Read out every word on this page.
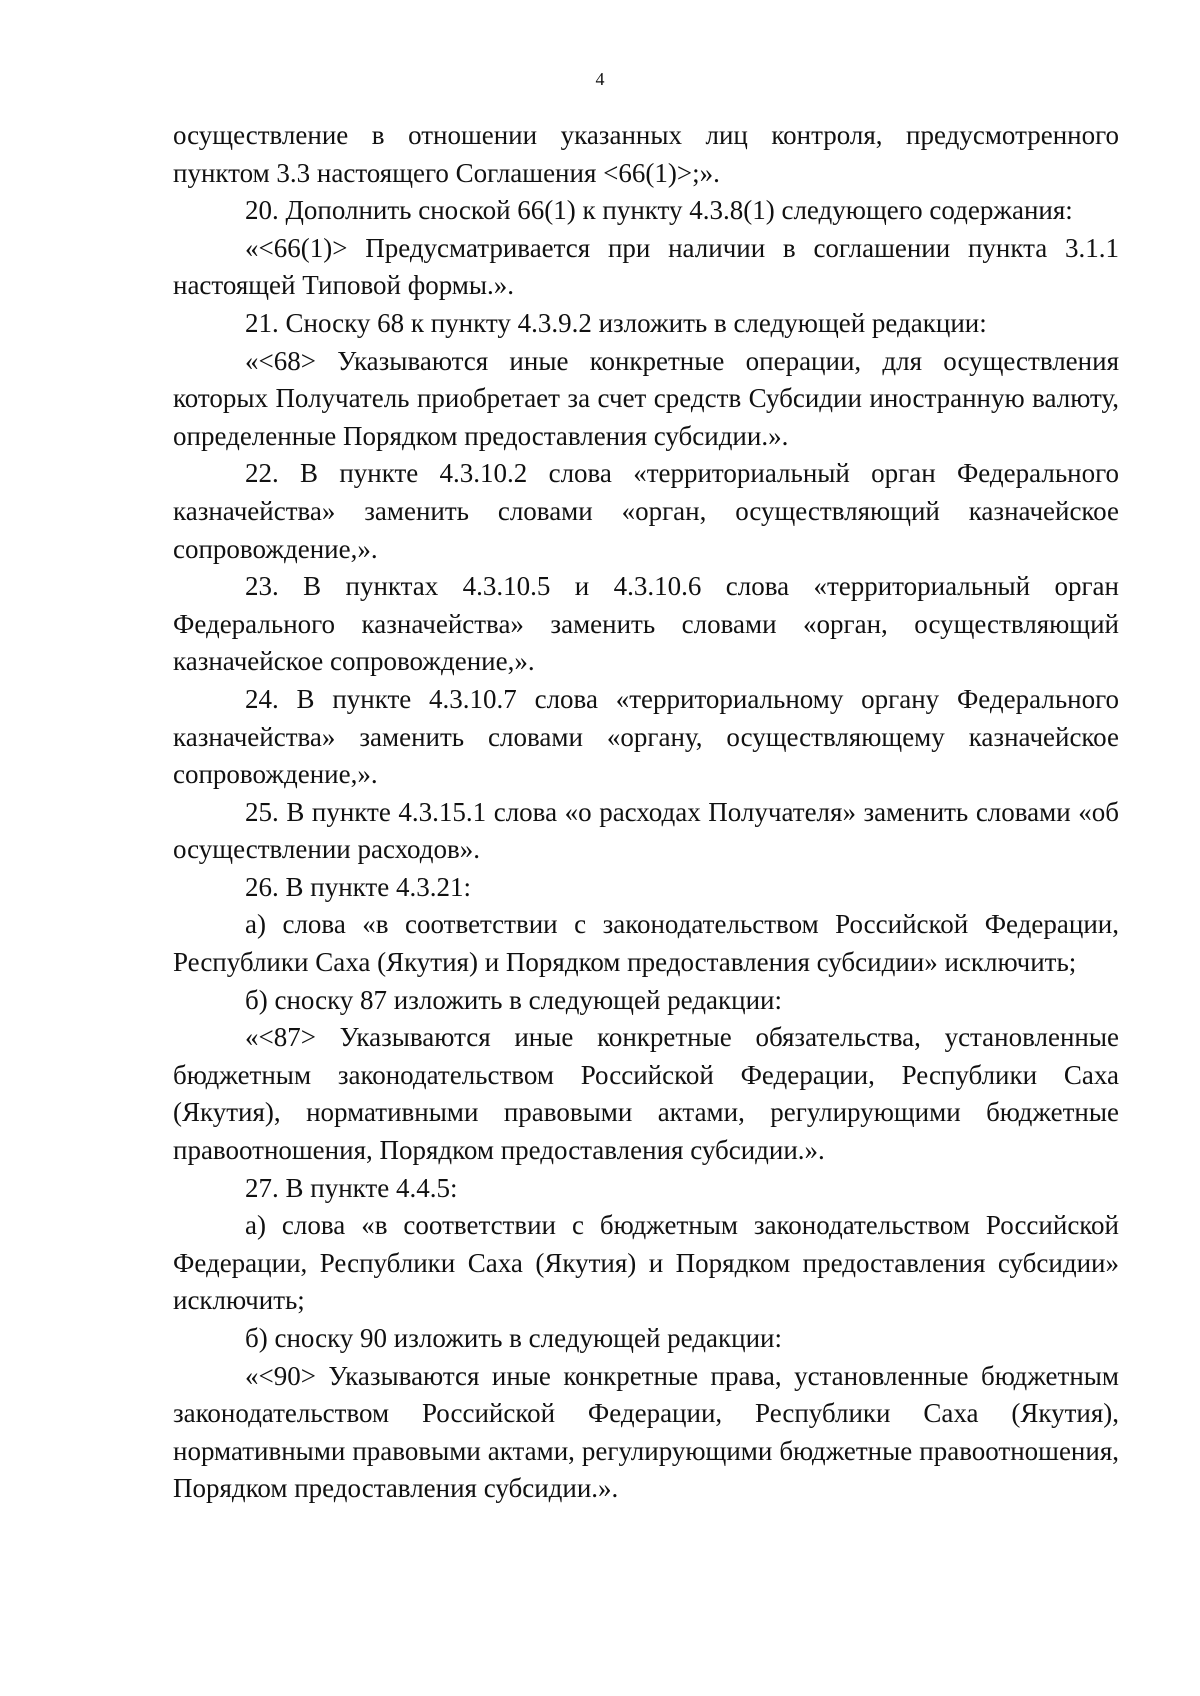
4

осуществление в отношении указанных лиц контроля, предусмотренного пунктом 3.3 настоящего Соглашения <66(1)>;».

20. Дополнить сноской 66(1) к пункту 4.3.8(1) следующего содержания:

«<66(1)> Предусматривается при наличии в соглашении пункта 3.1.1 настоящей Типовой формы.».

21. Сноску 68 к пункту 4.3.9.2 изложить в следующей редакции:

«<68> Указываются иные конкретные операции, для осуществления которых Получатель приобретает за счет средств Субсидии иностранную валюту, определенные Порядком предоставления субсидии.».

22. В пункте 4.3.10.2 слова «территориальный орган Федерального казначейства» заменить словами «орган, осуществляющий казначейское сопровождение,».

23. В пунктах 4.3.10.5 и 4.3.10.6 слова «территориальный орган Федерального казначейства» заменить словами «орган, осуществляющий казначейское сопровождение,».

24. В пункте 4.3.10.7 слова «территориальному органу Федерального казначейства» заменить словами «органу, осуществляющему казначейское сопровождение,».

25. В пункте 4.3.15.1 слова «о расходах Получателя» заменить словами «об осуществлении расходов».

26. В пункте 4.3.21:

а) слова «в соответствии с законодательством Российской Федерации, Республики Саха (Якутия) и Порядком предоставления субсидии» исключить;

б) сноску 87 изложить в следующей редакции:

«<87> Указываются иные конкретные обязательства, установленные бюджетным законодательством Российской Федерации, Республики Саха (Якутия), нормативными правовыми актами, регулирующими бюджетные правоотношения, Порядком предоставления субсидии.».

27. В пункте 4.4.5:

а) слова «в соответствии с бюджетным законодательством Российской Федерации, Республики Саха (Якутия) и Порядком предоставления субсидии» исключить;

б) сноску 90 изложить в следующей редакции:

«<90> Указываются иные конкретные права, установленные бюджетным законодательством Российской Федерации, Республики Саха (Якутия), нормативными правовыми актами, регулирующими бюджетные правоотношения, Порядком предоставления субсидии.».
